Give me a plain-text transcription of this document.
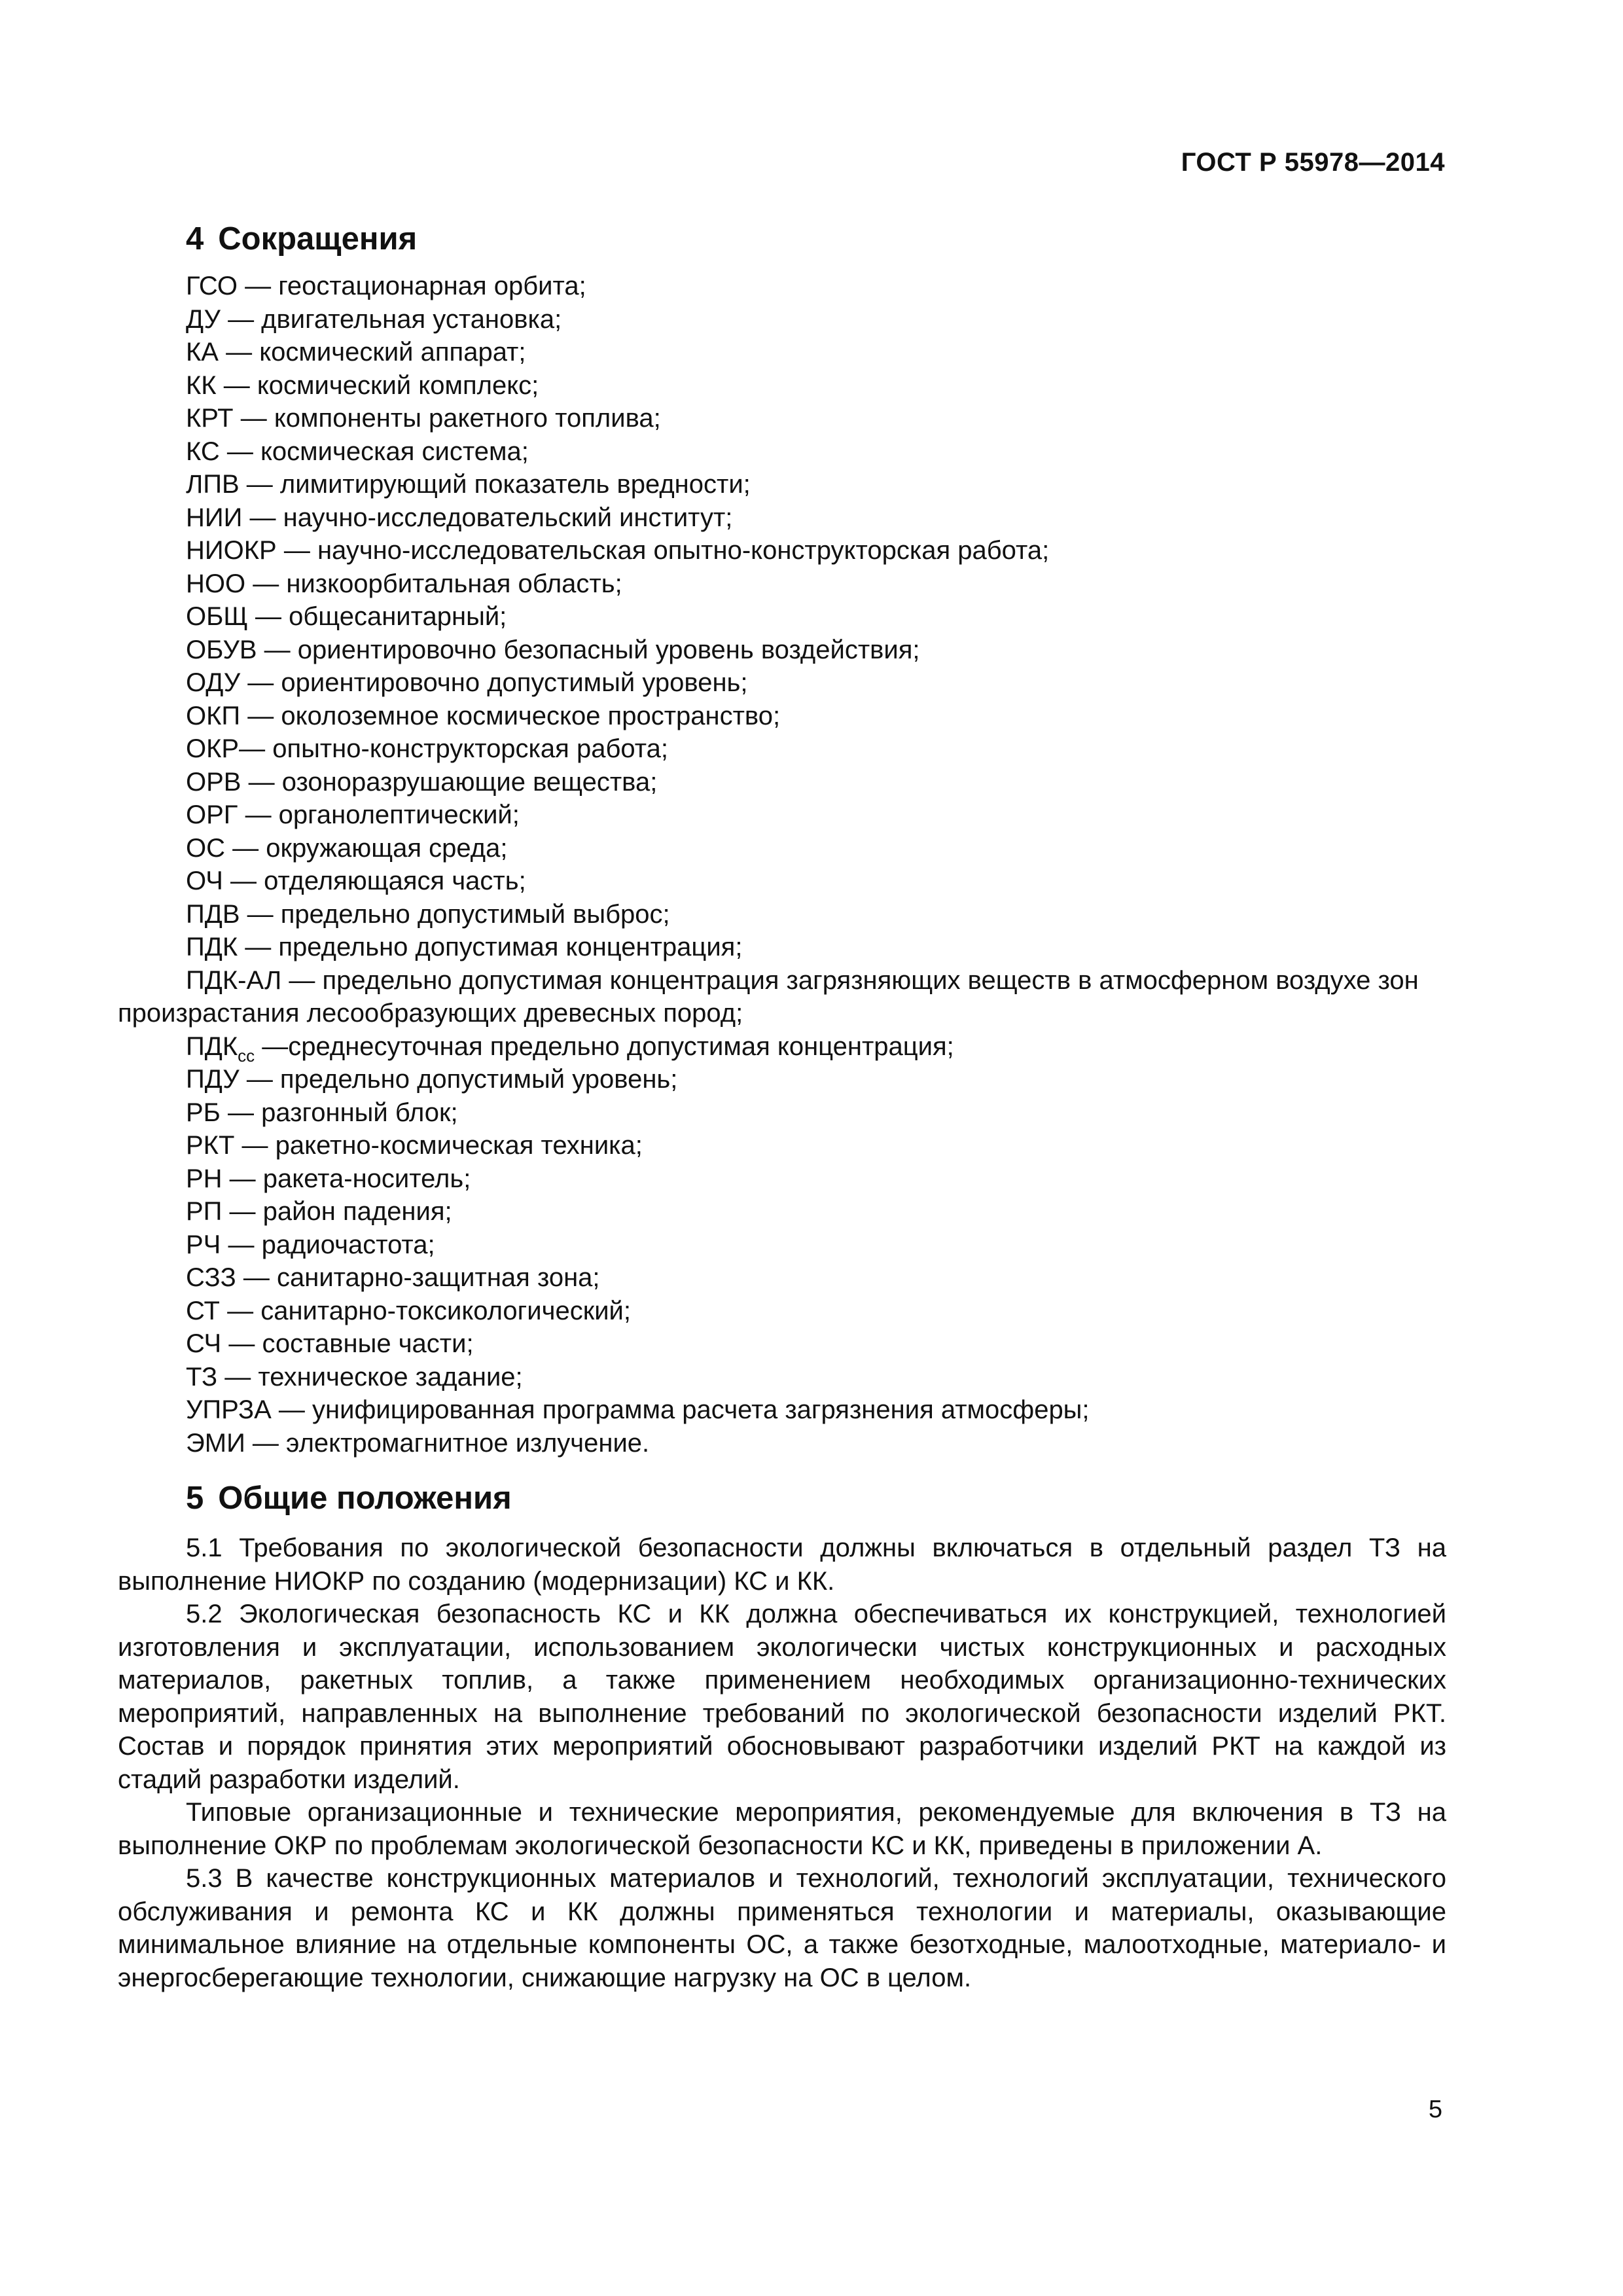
ГОСТ Р 55978—2014
4 Сокращения
ГСО — геостационарная орбита;
ДУ — двигательная установка;
КА — космический аппарат;
КК — космический комплекс;
КРТ — компоненты ракетного топлива;
КС — космическая система;
ЛПВ — лимитирующий показатель вредности;
НИИ — научно-исследовательский институт;
НИОКР — научно-исследовательская опытно-конструкторская работа;
НОО — низкоорбитальная область;
ОБЩ — общесанитарный;
ОБУВ — ориентировочно безопасный уровень воздействия;
ОДУ — ориентировочно допустимый уровень;
ОКП — околоземное космическое пространство;
ОКР— опытно-конструкторская работа;
ОРВ — озоноразрушающие вещества;
ОРГ — органолептический;
ОС — окружающая среда;
ОЧ — отделяющаяся часть;
ПДВ — предельно допустимый выброс;
ПДК — предельно допустимая концентрация;
ПДК-АЛ — предельно допустимая концентрация загрязняющих веществ в атмосферном воздухе зон произрастания лесообразующих древесных пород;
$ПДК_{сс}$ —среднесуточная предельно допустимая концентрация;
ПДУ — предельно допустимый уровень;
РБ — разгонный блок;
РКТ — ракетно-космическая техника;
РН — ракета-носитель;
РП — район падения;
РЧ — радиочастота;
СЗЗ — санитарно-защитная зона;
СТ — санитарно-токсикологический;
СЧ — составные части;
ТЗ — техническое задание;
УПРЗА — унифицированная программа расчета загрязнения атмосферы;
ЭМИ — электромагнитное излучение.
5 Общие положения
5.1 Требования по экологической безопасности должны включаться в отдельный раздел ТЗ на выполнение НИОКР по созданию (модернизации) КС и КК.
5.2 Экологическая безопасность КС и КК должна обеспечиваться их конструкцией, технологией изготовления и эксплуатации, использованием экологически чистых конструкционных и расходных материалов, ракетных топлив, а также применением необходимых организационно-технических мероприятий, направленных на выполнение требований по экологической безопасности изделий РКТ. Состав и порядок принятия этих мероприятий обосновывают разработчики изделий РКТ на каждой из стадий разработки изделий.
Типовые организационные и технические мероприятия, рекомендуемые для включения в ТЗ на выполнение ОКР по проблемам экологической безопасности КС и КК, приведены в приложении А.
5.3 В качестве конструкционных материалов и технологий, технологий эксплуатации, технического обслуживания и ремонта КС и КК должны применяться технологии и материалы, оказывающие минимальное влияние на отдельные компоненты ОС, а также безотходные, малоотходные, материало- и энергосберегающие технологии, снижающие нагрузку на ОС в целом.
5
